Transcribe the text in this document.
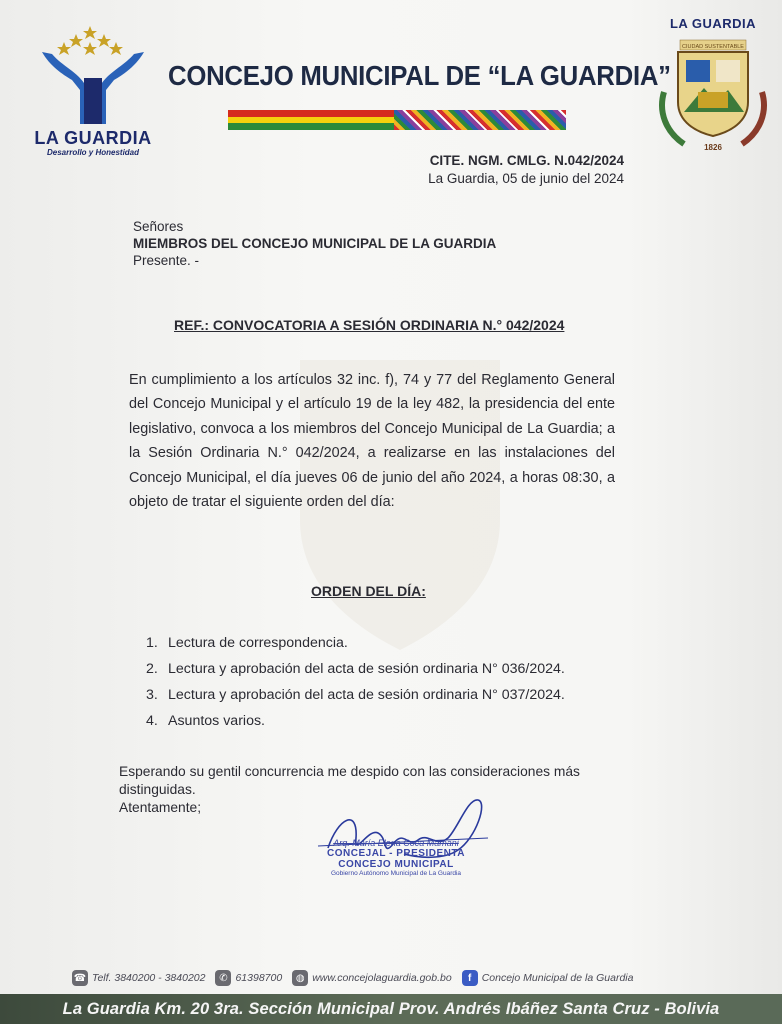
LA GUARDIA
Desarrollo y Honestidad
CONCEJO MUNICIPAL DE “LA GUARDIA”
LA GUARDIA
CIUDAD SUSTENTABLE
1826
CITE. NGM. CMLG. N.042/2024
La Guardia, 05 de junio del 2024
Señores
MIEMBROS DEL CONCEJO MUNICIPAL DE LA GUARDIA
Presente. -
REF.: CONVOCATORIA A SESIÓN ORDINARIA N.° 042/2024
En cumplimiento a los artículos 32 inc. f), 74 y 77 del Reglamento General del Concejo Municipal y el artículo 19 de la ley 482, la presidencia del ente legislativo, convoca a los miembros del Concejo Municipal de La Guardia; a la Sesión Ordinaria N.° 042/2024, a realizarse en las instalaciones del Concejo Municipal, el día jueves 06 de junio del año 2024, a horas 08:30, a objeto de tratar el siguiente orden del día:
ORDEN DEL DÍA:
1. Lectura de correspondencia.
2. Lectura y aprobación del acta de sesión ordinaria N° 036/2024.
3. Lectura y aprobación del acta de sesión ordinaria N° 037/2024.
4. Asuntos varios.
Esperando su gentil concurrencia me despido con las consideraciones más distinguidas.
Atentamente;
Arq. María Elena Coca Mamani
CONCEJAL - PRESIDENTA
CONCEJO MUNICIPAL
Gobierno Autónomo Municipal de La Guardia
☎ Telf. 3840200 - 3840202	✆ 61398700	◍ www.concejolaguardia.gob.bo	f Concejo Municipal de la Guardia
La Guardia Km. 20 3ra. Sección Municipal Prov. Andrés Ibáñez Santa Cruz - Bolivia
